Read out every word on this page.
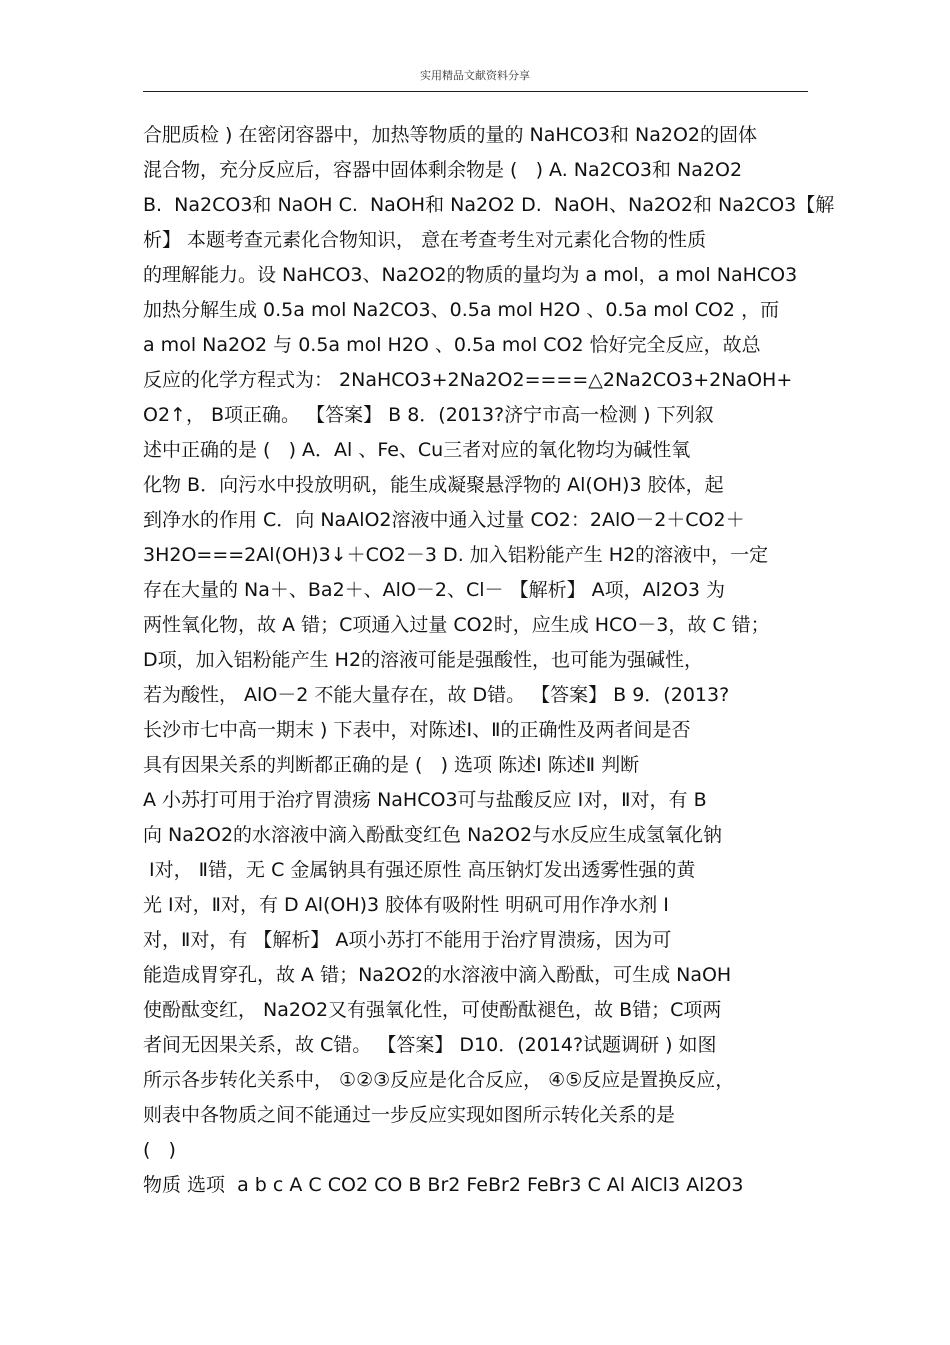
实用精品文献资料分享
合肥质检 ) 在密闭容器中，加热等物质的量的 NaHCO3和 Na2O2的固体
混合物，充分反应后，容器中固体剩余物是 (   ) A. Na2CO3和 Na2O2
B.  Na2CO3和 NaOH C.  NaOH和 Na2O2 D.  NaOH、Na2O2和 Na2CO3【解
析】 本题考查元素化合物知识， 意在考查考生对元素化合物的性质
的理解能力。设 NaHCO3、Na2O2的物质的量均为 a mol，a mol NaHCO3
加热分解生成 0.5a mol Na2CO3、0.5a mol H2O 、0.5a mol CO2 ，而
a mol Na2O2 与 0.5a mol H2O 、0.5a mol CO2 恰好完全反应，故总
反应的化学方程式为： 2NaHCO3+2Na2O2====△2Na2CO3+2NaOH+
O2↑， B项正确。 【答案】 B 8．(2013?济宁市高一检测 ) 下列叙
述中正确的是 (   ) A．Al 、Fe、Cu三者对应的氧化物均为碱性氧
化物 B．向污水中投放明矾，能生成凝聚悬浮物的 Al(OH)3 胶体，起
到净水的作用 C．向 NaAlO2溶液中通入过量 CO2：2AlO－2＋CO2＋
3H2O===2Al(OH)3↓＋CO2－3 D. 加入铝粉能产生 H2的溶液中，一定
存在大量的 Na＋、Ba2＋、AlO－2、Cl－ 【解析】 A项，Al2O3 为
两性氧化物，故 A 错；C项通入过量 CO2时，应生成 HCO－3，故 C 错；
D项，加入铝粉能产生 H2的溶液可能是强酸性，也可能为强碱性，
若为酸性， AlO－2 不能大量存在，故 D错。 【答案】 B 9．(2013?
长沙市七中高一期末 ) 下表中，对陈述Ⅰ、Ⅱ的正确性及两者间是否
具有因果关系的判断都正确的是 (   ) 选项 陈述Ⅰ 陈述Ⅱ 判断
A 小苏打可用于治疗胃溃疡 NaHCO3可与盐酸反应 Ⅰ对，Ⅱ对，有 B
向 Na2O2的水溶液中滴入酚酞变红色 Na2O2与水反应生成氢氧化钠
Ⅰ对， Ⅱ错，无 C 金属钠具有强还原性 高压钠灯发出透雾性强的黄
光 Ⅰ对，Ⅱ对，有 D Al(OH)3 胶体有吸附性 明矾可用作净水剂 Ⅰ
对，Ⅱ对，有 【解析】 A项小苏打不能用于治疗胃溃疡，因为可
能造成胃穿孔，故 A 错；Na2O2的水溶液中滴入酚酞，可生成 NaOH
使酚酞变红， Na2O2又有强氧化性，可使酚酞褪色，故 B错；C项两
者间无因果关系，故 C错。 【答案】 D10．(2014?试题调研 ) 如图
所示各步转化关系中， ①②③反应是化合反应， ④⑤反应是置换反应，
则表中各物质之间不能通过一步反应实现如图所示转化关系的是
(   )
物质 选项  a b c A C CO2 CO B Br2 FeBr2 FeBr3 C Al AlCl3 Al2O3
